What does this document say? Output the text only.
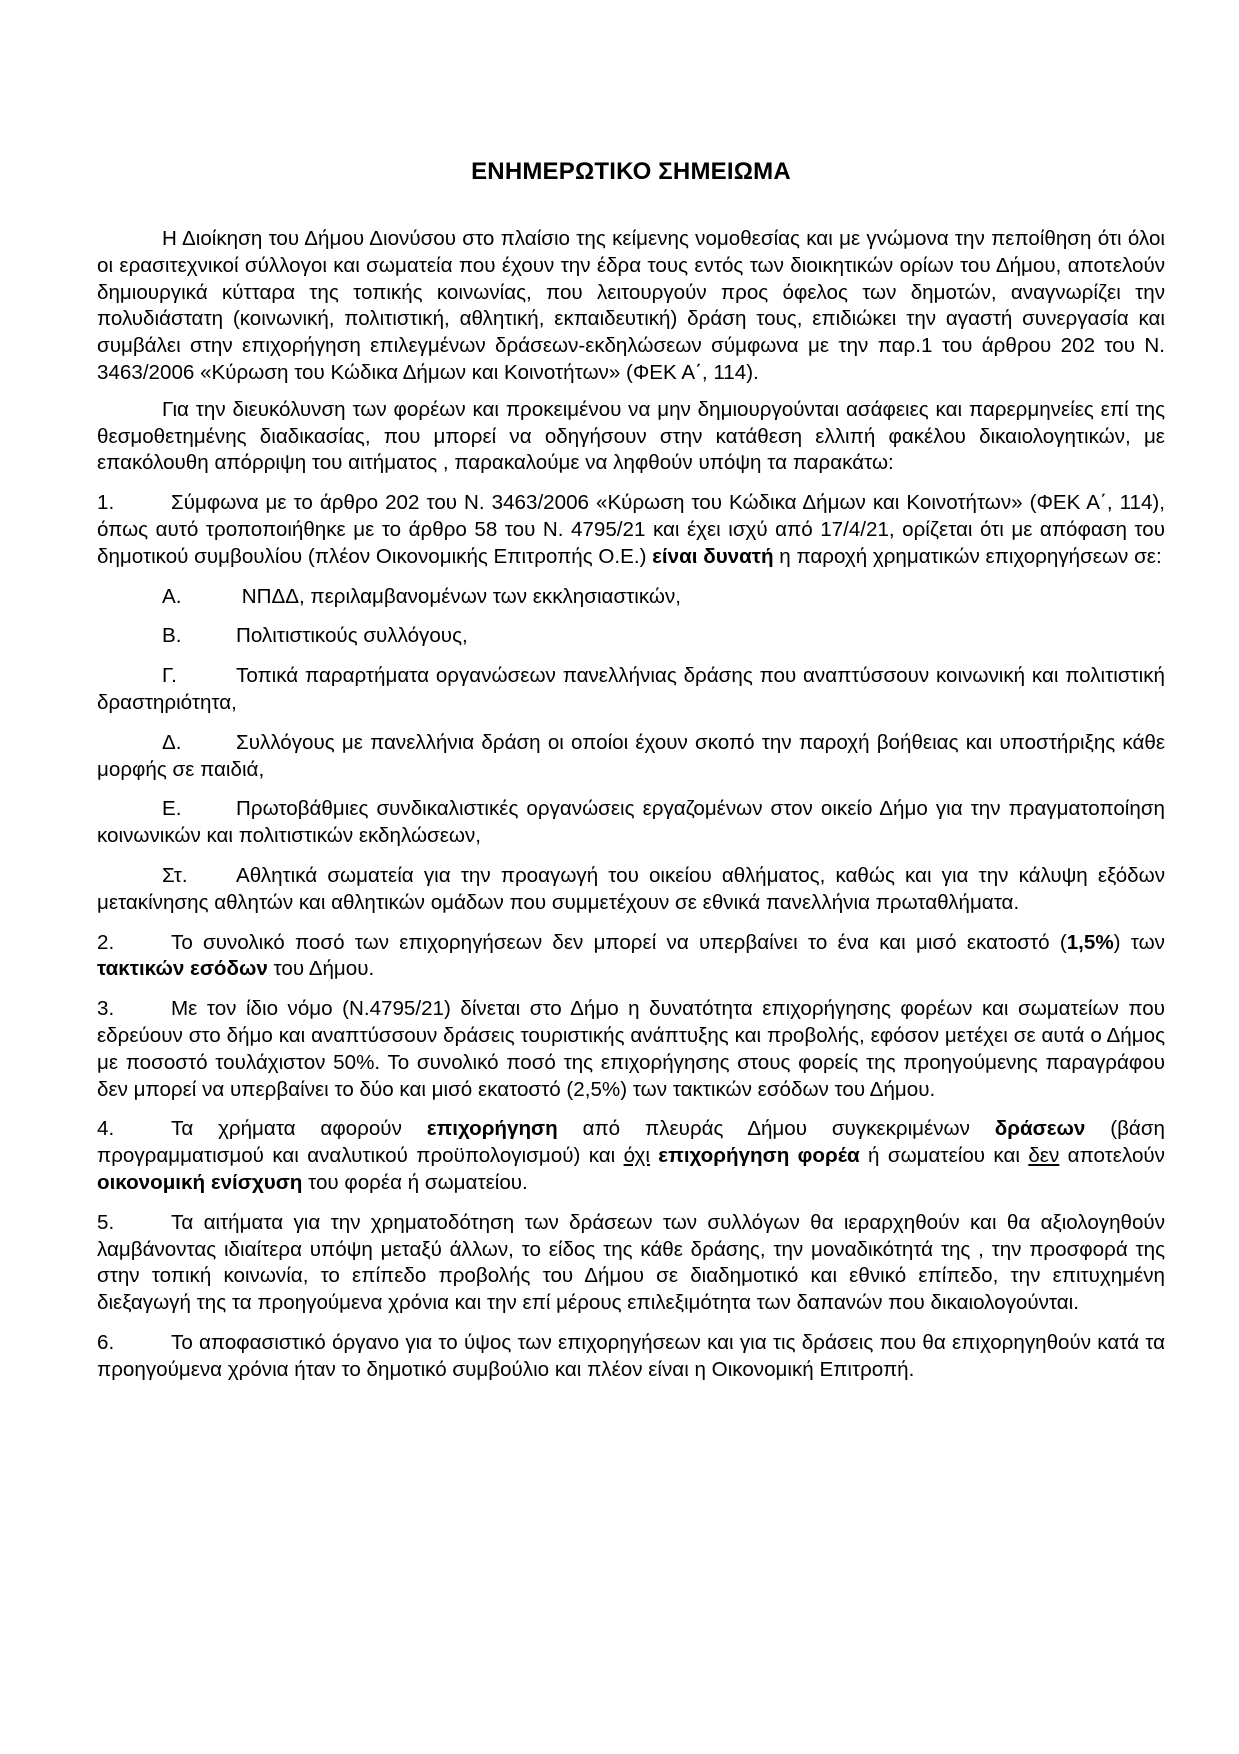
ΕΝΗΜΕΡΩΤΙΚΟ ΣΗΜΕΙΩΜΑ

Η Διοίκηση του Δήμου Διονύσου στο πλαίσιο της κείμενης νομοθεσίας και με γνώμονα την πεποίθηση ότι όλοι οι ερασιτεχνικοί σύλλογοι και σωματεία που έχουν την έδρα τους εντός των διοικητικών ορίων του Δήμου, αποτελούν δημιουργικά κύτταρα της τοπικής κοινωνίας, που λειτουργούν προς όφελος των δημοτών, αναγνωρίζει την πολυδιάστατη (κοινωνική, πολιτιστική, αθλητική, εκπαιδευτική) δράση τους, επιδιώκει την αγαστή συνεργασία και συμβάλει στην επιχορήγηση επιλεγμένων δράσεων-εκδηλώσεων σύμφωνα με την παρ.1 του άρθρου 202 του Ν. 3463/2006 «Κύρωση του Κώδικα Δήμων και Κοινοτήτων» (ΦΕΚ Α΄, 114).

Για την διευκόλυνση των φορέων και προκειμένου να μην δημιουργούνται ασάφειες και παρερμηνείες επί της θεσμοθετημένης διαδικασίας, που μπορεί να οδηγήσουν στην κατάθεση ελλιπή φακέλου δικαιολογητικών, με επακόλουθη απόρριψη του αιτήματος , παρακαλούμε να ληφθούν υπόψη τα παρακάτω:

1.	Σύμφωνα με το άρθρο 202 του Ν. 3463/2006 «Κύρωση του Κώδικα Δήμων και Κοινοτήτων» (ΦΕΚ Α΄, 114), όπως αυτό τροποποιήθηκε με το άρθρο 58 του Ν. 4795/21 και έχει ισχύ από 17/4/21, ορίζεται ότι με απόφαση του δημοτικού συμβουλίου (πλέον Οικονομικής Επιτροπής Ο.Ε.) είναι δυνατή η παροχή χρηματικών επιχορηγήσεων σε:

Α.	ΝΠΔΔ, περιλαμβανομένων των εκκλησιαστικών,

Β.	Πολιτιστικούς συλλόγους,

Γ.	Τοπικά παραρτήματα οργανώσεων πανελλήνιας δράσης που αναπτύσσουν κοινωνική και πολιτιστική δραστηριότητα,

Δ.	Συλλόγους με πανελλήνια δράση οι οποίοι έχουν σκοπό την παροχή βοήθειας και υποστήριξης κάθε μορφής σε παιδιά,

Ε.	Πρωτοβάθμιες συνδικαλιστικές οργανώσεις εργαζομένων στον οικείο Δήμο για την πραγματοποίηση κοινωνικών και πολιτιστικών εκδηλώσεων,

Στ. Αθλητικά σωματεία για την προαγωγή του οικείου αθλήματος, καθώς και για την κάλυψη εξόδων μετακίνησης αθλητών και αθλητικών ομάδων που συμμετέχουν σε εθνικά πανελλήνια πρωταθλήματα.

2.	Το συνολικό ποσό των επιχορηγήσεων δεν μπορεί να υπερβαίνει το ένα και μισό εκατοστό (1,5%) των τακτικών εσόδων του Δήμου.

3.	Με τον ίδιο νόμο (Ν.4795/21) δίνεται στο Δήμο η δυνατότητα επιχορήγησης φορέων και σωματείων που εδρεύουν στο δήμο και αναπτύσσουν δράσεις τουριστικής ανάπτυξης και προβολής, εφόσον μετέχει σε αυτά ο Δήμος με ποσοστό τουλάχιστον 50%. Το συνολικό ποσό της επιχορήγησης στους φορείς της προηγούμενης παραγράφου δεν μπορεί να υπερβαίνει το δύο και μισό εκατοστό (2,5%) των τακτικών εσόδων του Δήμου.

4.	Τα χρήματα αφορούν επιχορήγηση από πλευράς Δήμου συγκεκριμένων δράσεων (βάση προγραμματισμού και αναλυτικού προϋπολογισμού) και όχι επιχορήγηση φορέα ή σωματείου και δεν αποτελούν οικονομική ενίσχυση του φορέα ή σωματείου.

5.	Τα αιτήματα για την χρηματοδότηση των δράσεων των συλλόγων θα ιεραρχηθούν και θα αξιολογηθούν λαμβάνοντας ιδιαίτερα υπόψη μεταξύ άλλων, το είδος της κάθε δράσης, την μοναδικότητά της , την προσφορά της στην τοπική κοινωνία, το επίπεδο προβολής του Δήμου σε διαδημοτικό και εθνικό επίπεδο, την επιτυχημένη διεξαγωγή της τα προηγούμενα χρόνια και την επί μέρους επιλεξιμότητα των δαπανών που δικαιολογούνται.

6.	Το αποφασιστικό όργανο για το ύψος των επιχορηγήσεων και για τις δράσεις που θα επιχορηγηθούν κατά τα προηγούμενα χρόνια ήταν το δημοτικό συμβούλιο και πλέον είναι η Οικονομική Επιτροπή.
